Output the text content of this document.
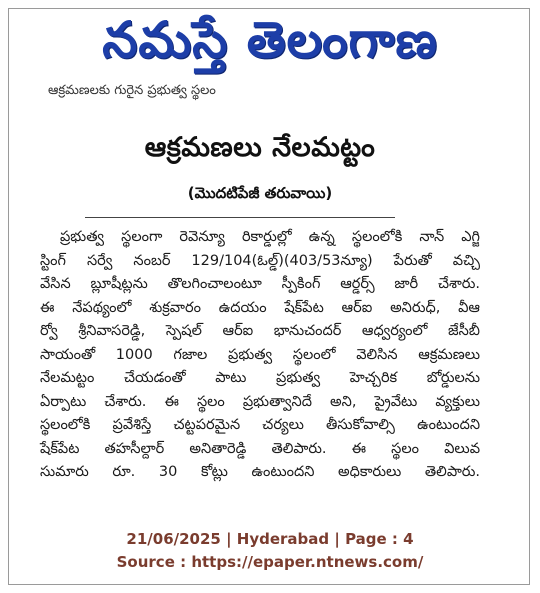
నమస్తే తెలంగాణ
ఆక్రమణలకు గురైన ప్రభుత్వ స్థలం
ఆక్రమణలు నేలమట్టం
(మొదటిపేజీ తరువాయి)
ప్రభుత్వ స్థలంగా రెవెన్యూ రికార్డుల్లో ఉన్న స్థలంలోకి నాన్ ఎగ్జి
స్టింగ్ సర్వే నంబర్ 129/104(ఓల్డ్)(403/53న్యూ) పేరుతో వచ్చి
వేసిన బ్లూషీట్లను తొలగించాలంటూ స్పీకింగ్ ఆర్డర్స్ జారీ చేశారు.
ఈ నేపథ్యంలో శుక్రవారం ఉదయం షేక్‌పేట ఆర్ఐ అనిరుధ్, వీఆ
ర్వో శ్రీనివాసరెడ్డి, స్పెషల్ ఆర్ఐ భానుచందర్ ఆధ్వర్యంలో జేసీబీ
సాయంతో 1000 గజాల ప్రభుత్వ స్థలంలో వెలిసిన ఆక్రమణలు
నేలమట్టం చేయడంతో పాటు ప్రభుత్వ హెచ్చరిక బోర్డులను
ఏర్పాటు చేశారు. ఈ స్థలం ప్రభుత్వానిదే అని, ప్రైవేటు వ్యక్తులు
స్థలంలోకి ప్రవేశిస్తే చట్టపరమైన చర్యలు తీసుకోవాల్సి ఉంటుందని
షేక్‌పేట తహసీల్దార్ అనితారెడ్డి తెలిపారు. ఈ స్థలం విలువ
సుమారు రూ. 30 కోట్లు ఉంటుందని అధికారులు తెలిపారు.
21/06/2025 | Hyderabad | Page : 4
Source : https://epaper.ntnews.com/
